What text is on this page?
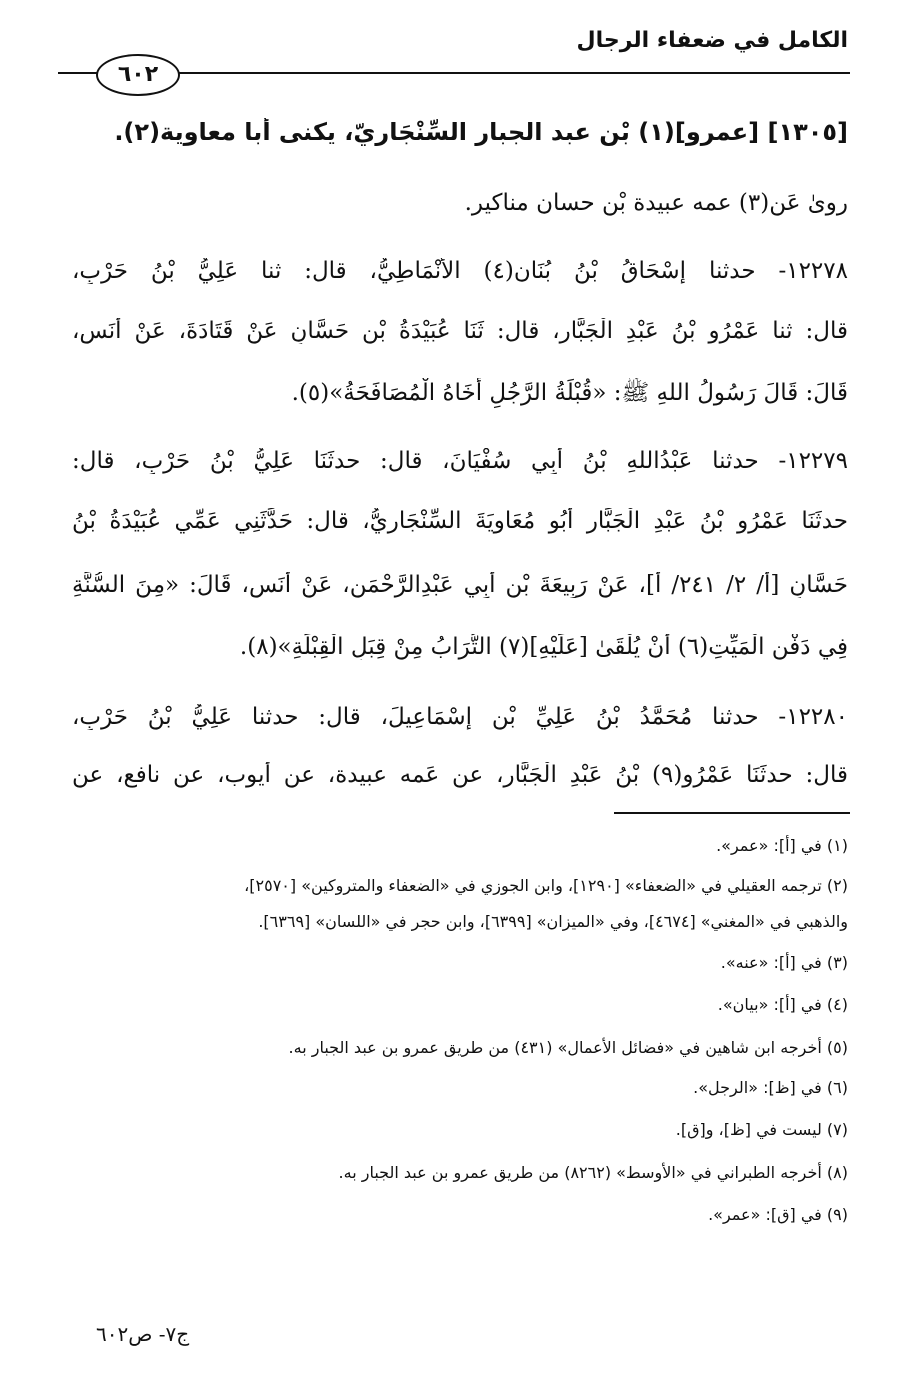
الكامل في ضعفاء الرجال
٦٠٢
[١٣٠٥] [عمرو](١) بْن عبد الجبار السِّنْجَارِيّ، يكنى أبا معاوية(٢).
روىٰ عَن(٣) عمه عبيدة بْن حسان مناكير.
١٢٢٧٨- حدثنا إِسْحَاقُ بْنُ بُنَان(٤) الأَنْمَاطِيُّ، قال: ثنا عَلِيُّ بْنُ حَرْبٍ،
قال: ثنا عَمْرُو بْنُ عَبْدِ الْجَبَّارِ، قال: ثَنَا عُبَيْدَةُ بْنِ حَسَّانٍ عَنْ قَتَادَةَ، عَنْ أَنَسٍ،
قَالَ: قَالَ رَسُولُ اللهِ ﷺ: «قُبْلَةُ الرَّجُلِ أَخَاهُ الْمُصَافَحَةُ»(٥).
١٢٢٧٩- حدثنا عَبْدُاللهِ بْنُ أَبِي سُفْيَانَ، قال: حدثَنَا عَلِيُّ بْنُ حَرْبٍ، قال:
حدثَنَا عَمْرُو بْنُ عَبْدِ الْجَبَّارِ أَبُو مُعَاوِيَةَ السِّنْجَارِيُّ، قال: حَدَّثَنِي عَمِّي عُبَيْدَةُ بْنُ
حَسَّانٍ [أ/ ٢/ ٢٤١/ أ]، عَنْ رَبِيعَةَ بْنِ أَبِي عَبْدِالرَّحْمَنِ، عَنْ أَنَسٍ، قَالَ: «مِنَ السُّنَّةِ
فِي دَفْنِ الْمَيِّتِ(٦) أَنْ يُلْقَىٰ [عَلَيْهِ](٧) التُّرَابُ مِنْ قِبَلِ الْقِبْلَةِ»(٨).
١٢٢٨٠- حدثنا مُحَمَّدُ بْنُ عَلِيِّ بْنِ إِسْمَاعِيلَ، قال: حدثنا عَلِيُّ بْنُ حَرْبٍ،
قال: حدثَنَا عَمْرُو(٩) بْنُ عَبْدِ الْجَبَّارِ، عن عَمه عبيدة، عن أيوب، عن نافع، عن
(١) في [أ]: «عمر».
(٢) ترجمه العقيلي في «الضعفاء» [١٢٩٠]، وابن الجوزي في «الضعفاء والمتروكين» [٢٥٧٠]،
والذهبي في «المغني» [٤٦٧٤]، وفي «الميزان» [٦٣٩٩]، وابن حجر في «اللسان» [٦٣٦٩].
(٣) في [أ]: «عنه».
(٤) في [أ]: «بيان».
(٥) أخرجه ابن شاهين في «فضائل الأعمال» (٤٣١) من طريق عمرو بن عبد الجبار به.
(٦) في [ظ]: «الرجل».
(٧) ليست في [ظ]، و[ق].
(٨) أخرجه الطبراني في «الأوسط» (٨٢٦٢) من طريق عمرو بن عبد الجبار به.
(٩) في [ق]: «عمر».
ج٧- ص٦٠٢
